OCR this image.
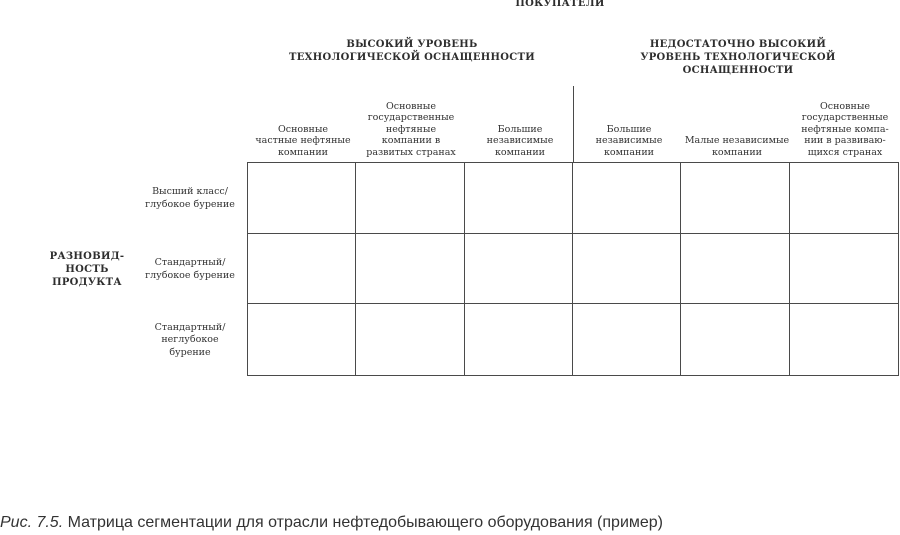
ПОКУПАТЕЛИ
ВЫСОКИЙ УРОВЕНЬ
ТЕХНОЛОГИЧЕСКОЙ ОСНАЩЕННОСТИ
НЕДОСТАТОЧНО ВЫСОКИЙ
УРОВЕНЬ ТЕХНОЛОГИЧЕСКОЙ ОСНАЩЕННОСТИ
Основные
частные нефтяные
компании
Основные
государственные
нефтяные
компании в
развитых странах
Большие
независимые
компании
Большие
независимые
компании
Малые независимые
компании
Основные
государственные
нефтяные компа-
нии в развиваю-
щихся странах
РАЗНОВИД-
НОСТЬ
ПРОДУКТА
Высший класс/
глубокое бурение
Стандартный/
глубокое бурение
Стандартный/
неглубокое
бурение
Рис. 7.5. Матрица сегментации для отрасли нефтедобывающего оборудования (пример)
